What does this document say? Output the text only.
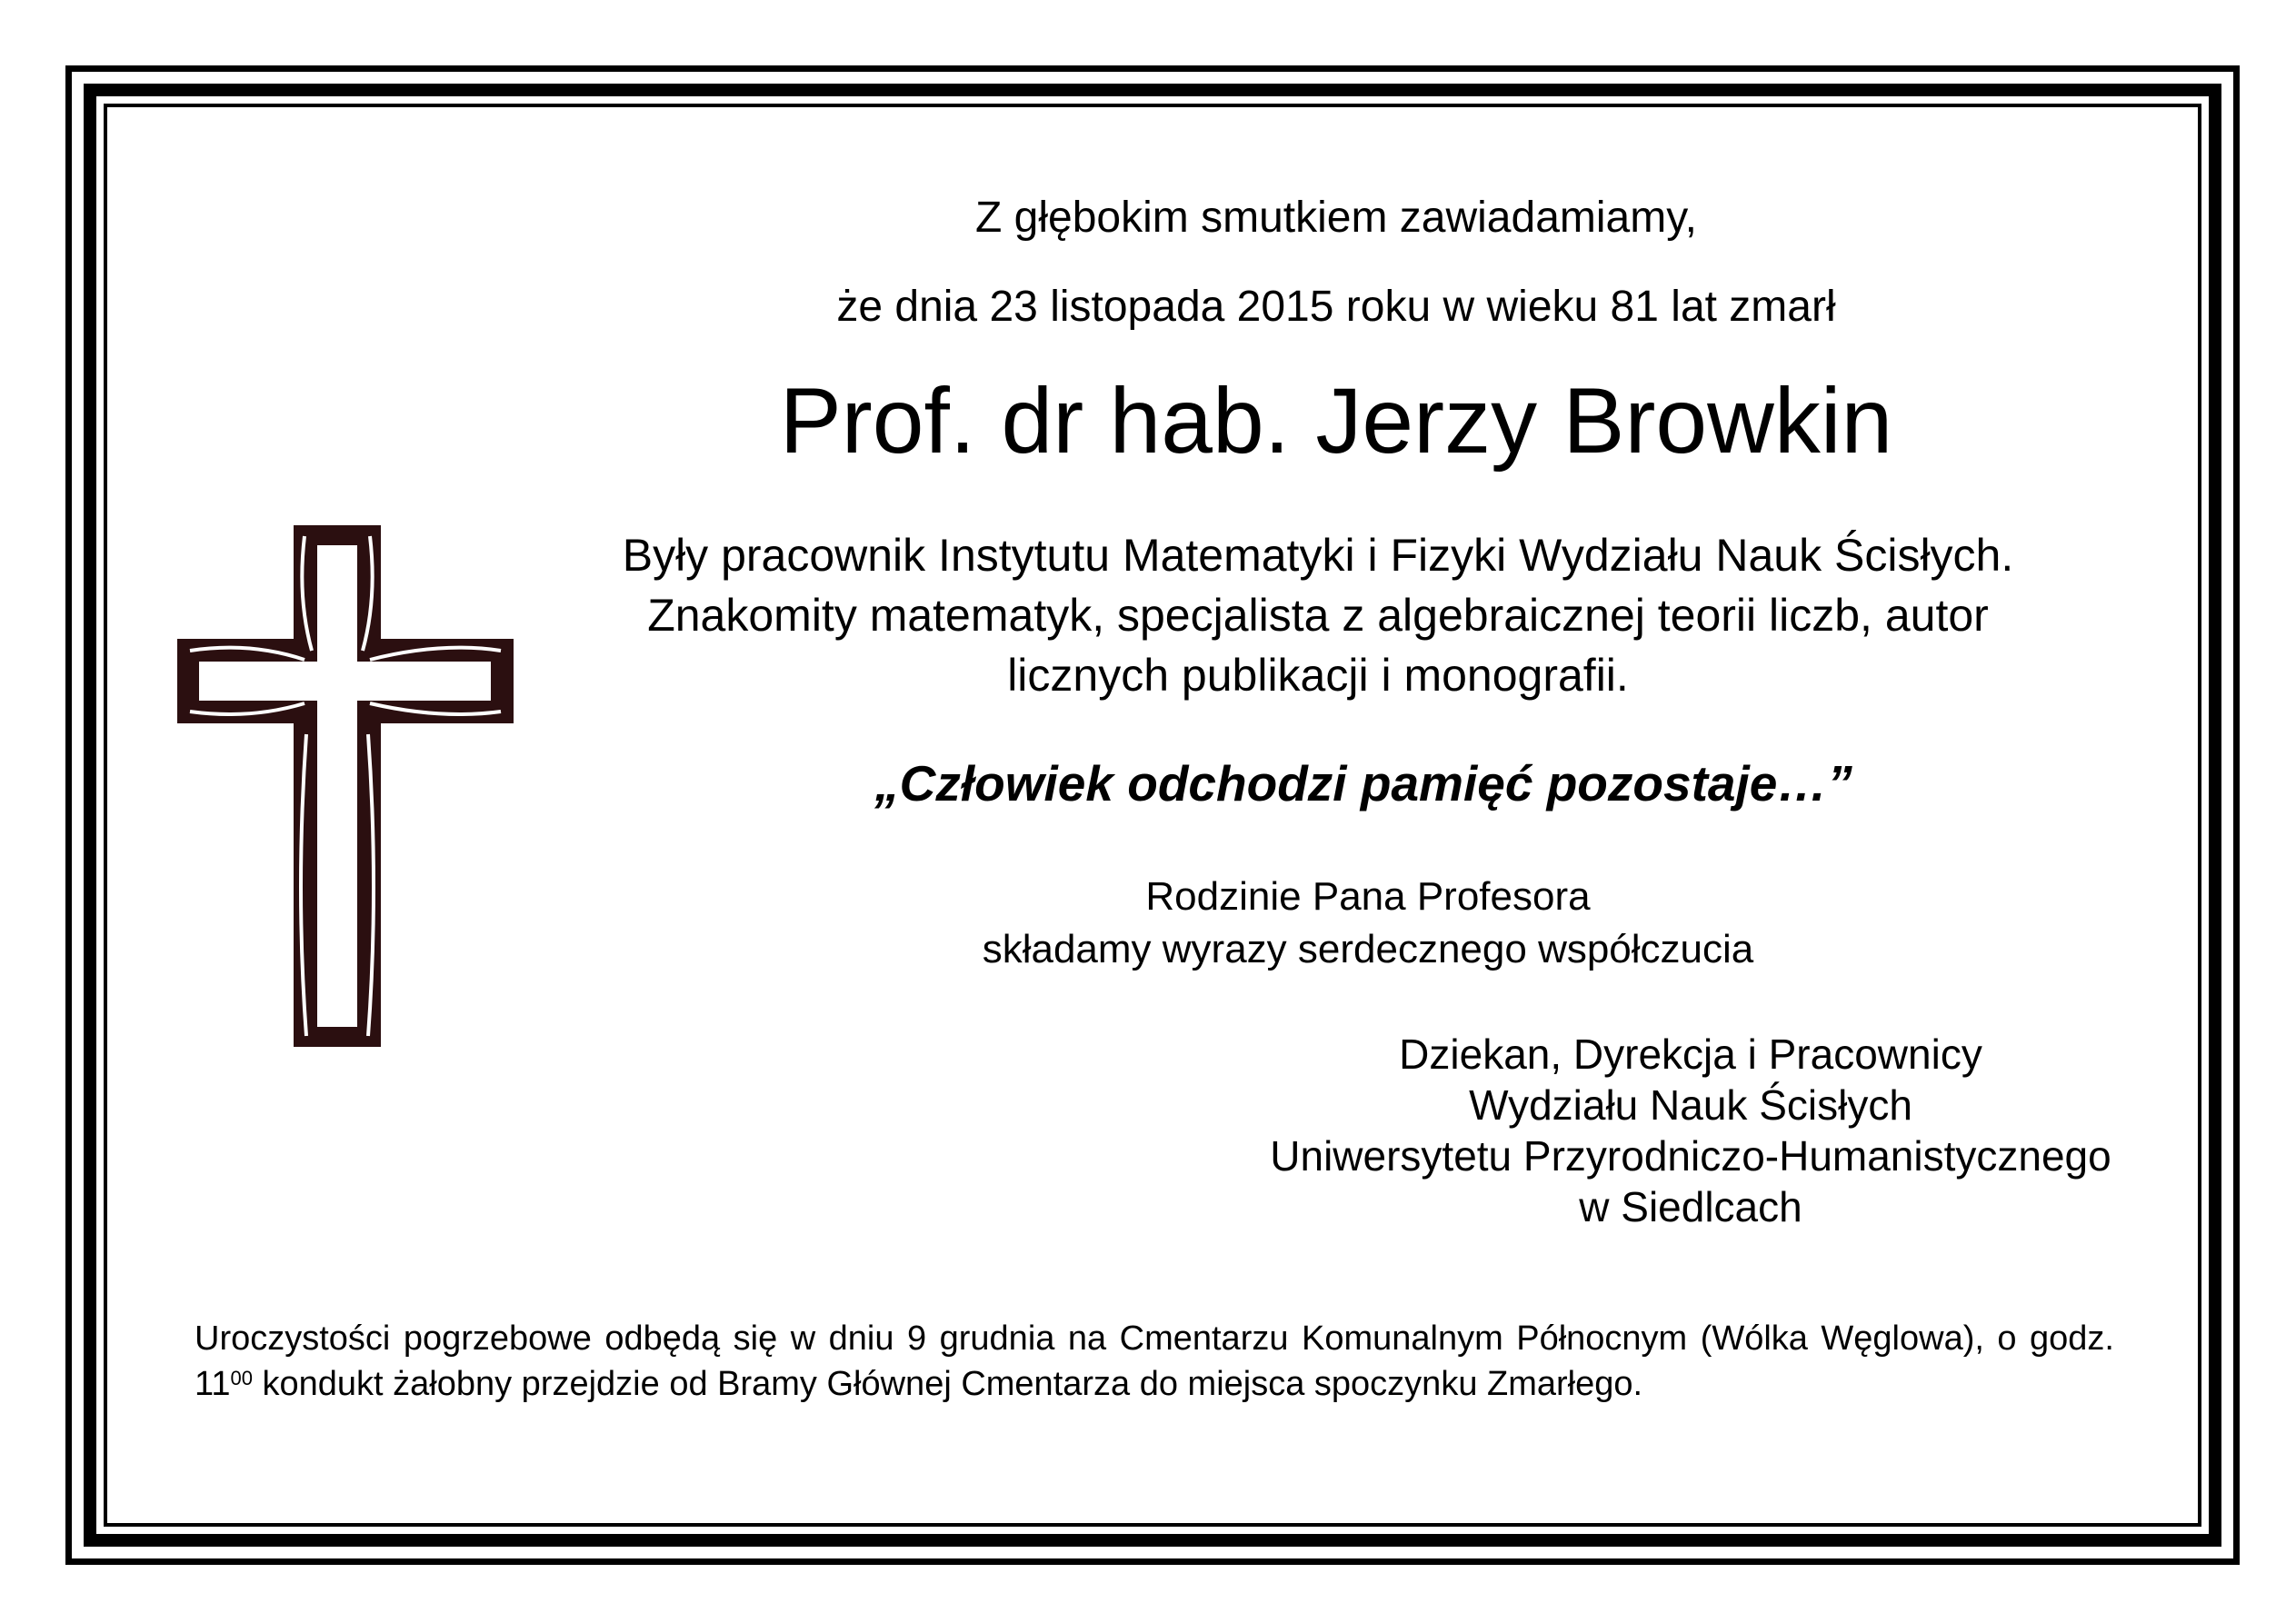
Z głębokim smutkiem zawiadamiamy,
że dnia 23 listopada 2015 roku w wieku 81 lat zmarł
Prof. dr hab. Jerzy Browkin
Były pracownik Instytutu Matematyki i Fizyki Wydziału Nauk Ścisłych.
Znakomity matematyk, specjalista z algebraicznej teorii liczb, autor
licznych publikacji i monografii.
„Człowiek odchodzi pamięć pozostaje…”
Rodzinie Pana Profesora
składamy wyrazy serdecznego współczucia
Dziekan, Dyrekcja i Pracownicy
Wydziału Nauk Ścisłych
Uniwersytetu Przyrodniczo-Humanistycznego
w Siedlcach
Uroczystości pogrzebowe odbędą się w dniu 9 grudnia na Cmentarzu Komunalnym Północnym (Wólka Węglowa), o godz. $11^{00}$ kondukt żałobny przejdzie od Bramy Głównej Cmentarza do miejsca spoczynku Zmarłego.
